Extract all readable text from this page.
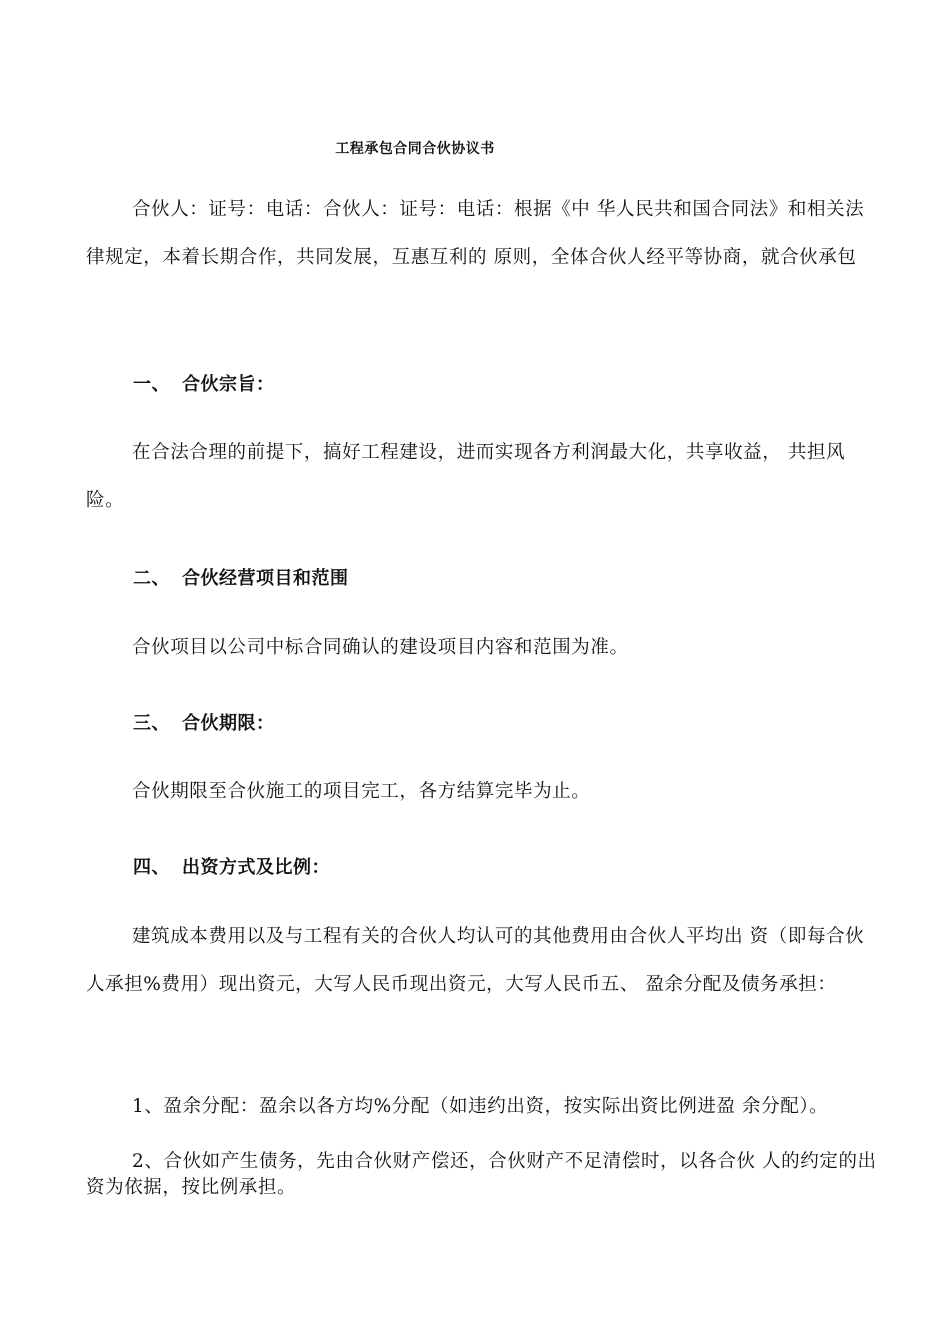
工程承包合同合伙协议书

合伙人：证号：电话：合伙人：证号：电话：根据《中 华人民共和国合同法》和相关法律规定，本着长期合作，共同发展，互惠互利的 原则，全体合伙人经平等协商，就合伙承包

一、 合伙宗旨：

在合法合理的前提下，搞好工程建设，进而实现各方利润最大化，共享收益， 共担风险。

二、 合伙经营项目和范围

合伙项目以公司中标合同确认的建设项目内容和范围为准。

三、 合伙期限：

合伙期限至合伙施工的项目完工，各方结算完毕为止。

四、 出资方式及比例：

建筑成本费用以及与工程有关的合伙人均认可的其他费用由合伙人平均出 资（即每合伙人承担%费用）现出资元，大写人民币现出资元，大写人民币五、 盈余分配及债务承担：

1、盈余分配：盈余以各方均%分配（如违约出资，按实际出资比例进盈 余分配）。

2、合伙如产生债务，先由合伙财产偿还，合伙财产不足清偿时，以各合伙 人的约定的出资为依据，按比例承担。
